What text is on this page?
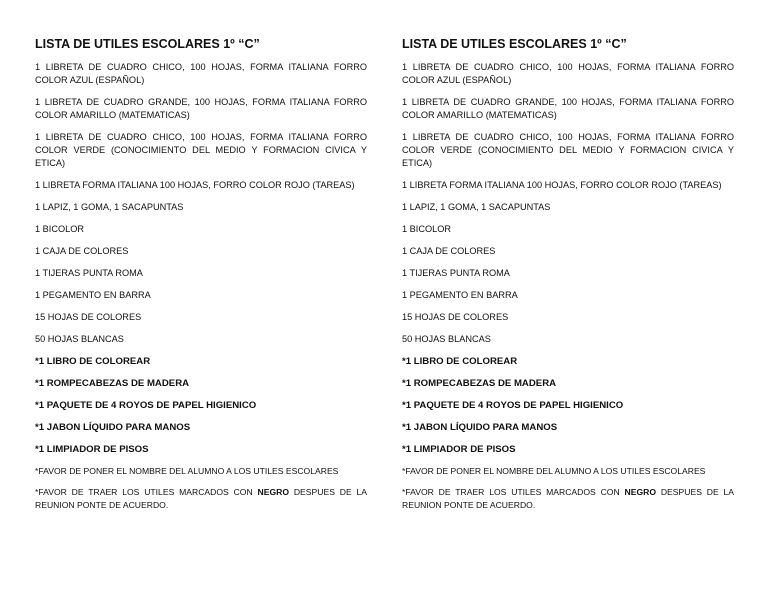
LISTA DE UTILES ESCOLARES 1º “C”
1 LIBRETA DE CUADRO CHICO, 100 HOJAS, FORMA ITALIANA FORRO COLOR AZUL (ESPAÑOL)
1 LIBRETA DE CUADRO GRANDE, 100 HOJAS, FORMA ITALIANA FORRO COLOR AMARILLO (MATEMATICAS)
1 LIBRETA DE CUADRO CHICO, 100 HOJAS, FORMA ITALIANA FORRO COLOR VERDE (CONOCIMIENTO DEL MEDIO Y FORMACION CIVICA Y ETICA)
1 LIBRETA FORMA ITALIANA 100 HOJAS, FORRO COLOR ROJO (TAREAS)
1 LAPIZ, 1 GOMA, 1 SACAPUNTAS
1 BICOLOR
1 CAJA DE COLORES
1 TIJERAS PUNTA ROMA
1 PEGAMENTO EN BARRA
15 HOJAS DE COLORES
50 HOJAS BLANCAS
*1 LIBRO DE COLOREAR
*1 ROMPECABEZAS DE MADERA
*1 PAQUETE DE 4 ROYOS DE PAPEL HIGIENICO
*1 JABON LÍQUIDO PARA MANOS
*1 LIMPIADOR DE PISOS
*FAVOR DE PONER EL NOMBRE DEL ALUMNO A LOS UTILES ESCOLARES
*FAVOR DE TRAER LOS UTILES MARCADOS CON NEGRO DESPUES DE LA REUNION PONTE DE ACUERDO.
LISTA DE UTILES ESCOLARES 1º “C”
1 LIBRETA DE CUADRO CHICO, 100 HOJAS, FORMA ITALIANA FORRO COLOR AZUL (ESPAÑOL)
1 LIBRETA DE CUADRO GRANDE, 100 HOJAS, FORMA ITALIANA FORRO COLOR AMARILLO (MATEMATICAS)
1 LIBRETA DE CUADRO CHICO, 100 HOJAS, FORMA ITALIANA FORRO COLOR VERDE (CONOCIMIENTO DEL MEDIO Y FORMACION CIVICA Y ETICA)
1 LIBRETA FORMA ITALIANA 100 HOJAS, FORRO COLOR ROJO (TAREAS)
1 LAPIZ, 1 GOMA, 1 SACAPUNTAS
1 BICOLOR
1 CAJA DE COLORES
1 TIJERAS PUNTA ROMA
1 PEGAMENTO EN BARRA
15 HOJAS DE COLORES
50 HOJAS BLANCAS
*1 LIBRO DE COLOREAR
*1 ROMPECABEZAS DE MADERA
*1 PAQUETE DE 4 ROYOS DE PAPEL HIGIENICO
*1 JABON LÍQUIDO PARA MANOS
*1 LIMPIADOR DE PISOS
*FAVOR DE PONER EL NOMBRE DEL ALUMNO A LOS UTILES ESCOLARES
*FAVOR DE TRAER LOS UTILES MARCADOS CON NEGRO DESPUES DE LA REUNION PONTE DE ACUERDO.
